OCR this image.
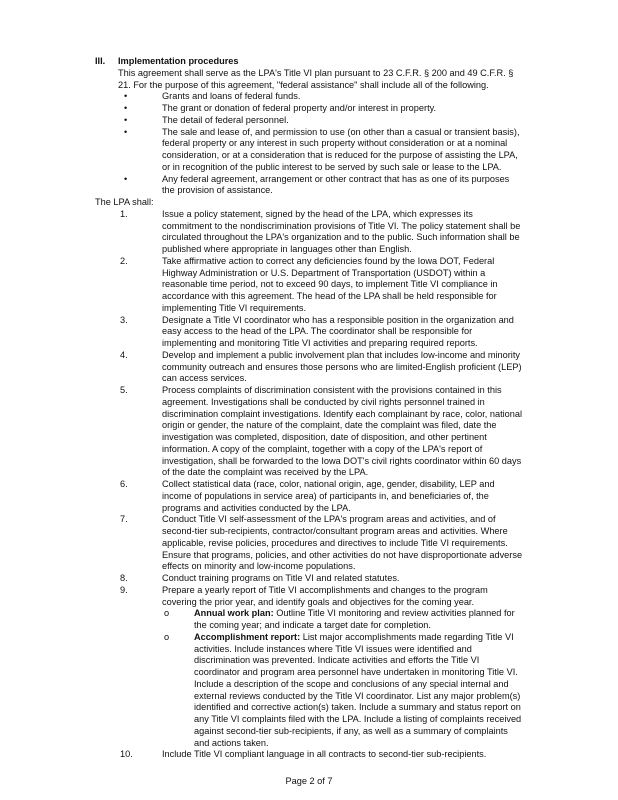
III. Implementation procedures
This agreement shall serve as the LPA's Title VI plan pursuant to 23 C.F.R. § 200 and 49 C.F.R. § 21. For the purpose of this agreement, "federal assistance" shall include all of the following.
•	Grants and loans of federal funds.
•	The grant or donation of federal property and/or interest in property.
•	The detail of federal personnel.
•	The sale and lease of, and permission to use (on other than a casual or transient basis), federal property or any interest in such property without consideration or at a nominal consideration, or at a consideration that is reduced for the purpose of assisting the LPA, or in recognition of the public interest to be served by such sale or lease to the LPA.
•	Any federal agreement, arrangement or other contract that has as one of its purposes the provision of assistance.
The LPA shall:
1.	Issue a policy statement, signed by the head of the LPA, which expresses its commitment to the nondiscrimination provisions of Title VI. The policy statement shall be circulated throughout the LPA's organization and to the public. Such information shall be published where appropriate in languages other than English.
2.	Take affirmative action to correct any deficiencies found by the Iowa DOT, Federal Highway Administration or U.S. Department of Transportation (USDOT) within a reasonable time period, not to exceed 90 days, to implement Title VI compliance in accordance with this agreement. The head of the LPA shall be held responsible for implementing Title VI requirements.
3.	Designate a Title VI coordinator who has a responsible position in the organization and easy access to the head of the LPA. The coordinator shall be responsible for implementing and monitoring Title VI activities and preparing required reports.
4.	Develop and implement a public involvement plan that includes low-income and minority community outreach and ensures those persons who are limited-English proficient (LEP) can access services.
5.	Process complaints of discrimination consistent with the provisions contained in this agreement. Investigations shall be conducted by civil rights personnel trained in discrimination complaint investigations. Identify each complainant by race, color, national origin or gender, the nature of the complaint, date the complaint was filed, date the investigation was completed, disposition, date of disposition, and other pertinent information. A copy of the complaint, together with a copy of the LPA's report of investigation, shall be forwarded to the Iowa DOT's civil rights coordinator within 60 days of the date the complaint was received by the LPA.
6.	Collect statistical data (race, color, national origin, age, gender, disability, LEP and income of populations in service area) of participants in, and beneficiaries of, the programs and activities conducted by the LPA.
7.	Conduct Title VI self-assessment of the LPA's program areas and activities, and of second-tier sub-recipients, contractor/consultant program areas and activities. Where applicable, revise policies, procedures and directives to include Title VI requirements. Ensure that programs, policies, and other activities do not have disproportionate adverse effects on minority and low-income populations.
8.	Conduct training programs on Title VI and related statutes.
9.	Prepare a yearly report of Title VI accomplishments and changes to the program covering the prior year, and identify goals and objectives for the coming year.
o	Annual work plan: Outline Title VI monitoring and review activities planned for the coming year; and indicate a target date for completion.
o	Accomplishment report: List major accomplishments made regarding Title VI activities. Include instances where Title VI issues were identified and discrimination was prevented. Indicate activities and efforts the Title VI coordinator and program area personnel have undertaken in monitoring Title VI. Include a description of the scope and conclusions of any special internal and external reviews conducted by the Title VI coordinator. List any major problem(s) identified and corrective action(s) taken. Include a summary and status report on any Title VI complaints filed with the LPA. Include a listing of complaints received against second-tier sub-recipients, if any, as well as a summary of complaints and actions taken.
10.	Include Title VI compliant language in all contracts to second-tier sub-recipients.
Page 2 of 7
